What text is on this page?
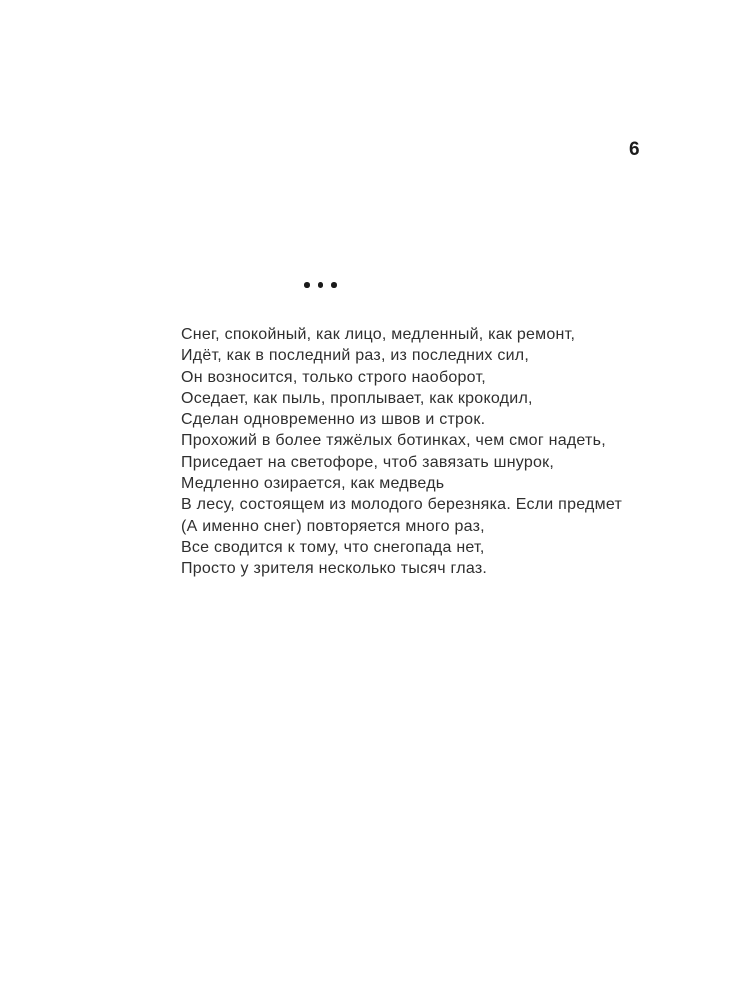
6
Снег, спокойный, как лицо, медленный, как ремонт,
Идёт, как в последний раз, из последних сил,
Он возносится, только строго наоборот,
Оседает, как пыль, проплывает, как крокодил,
Сделан одновременно из швов и строк.
Прохожий в более тяжёлых ботинках, чем смог надеть,
Приседает на светофоре, чтоб завязать шнурок,
Медленно озирается, как медведь
В лесу, состоящем из молодого березняка. Если предмет
(А именно снег) повторяется много раз,
Все сводится к тому, что снегопада нет,
Просто у зрителя несколько тысяч глаз.
